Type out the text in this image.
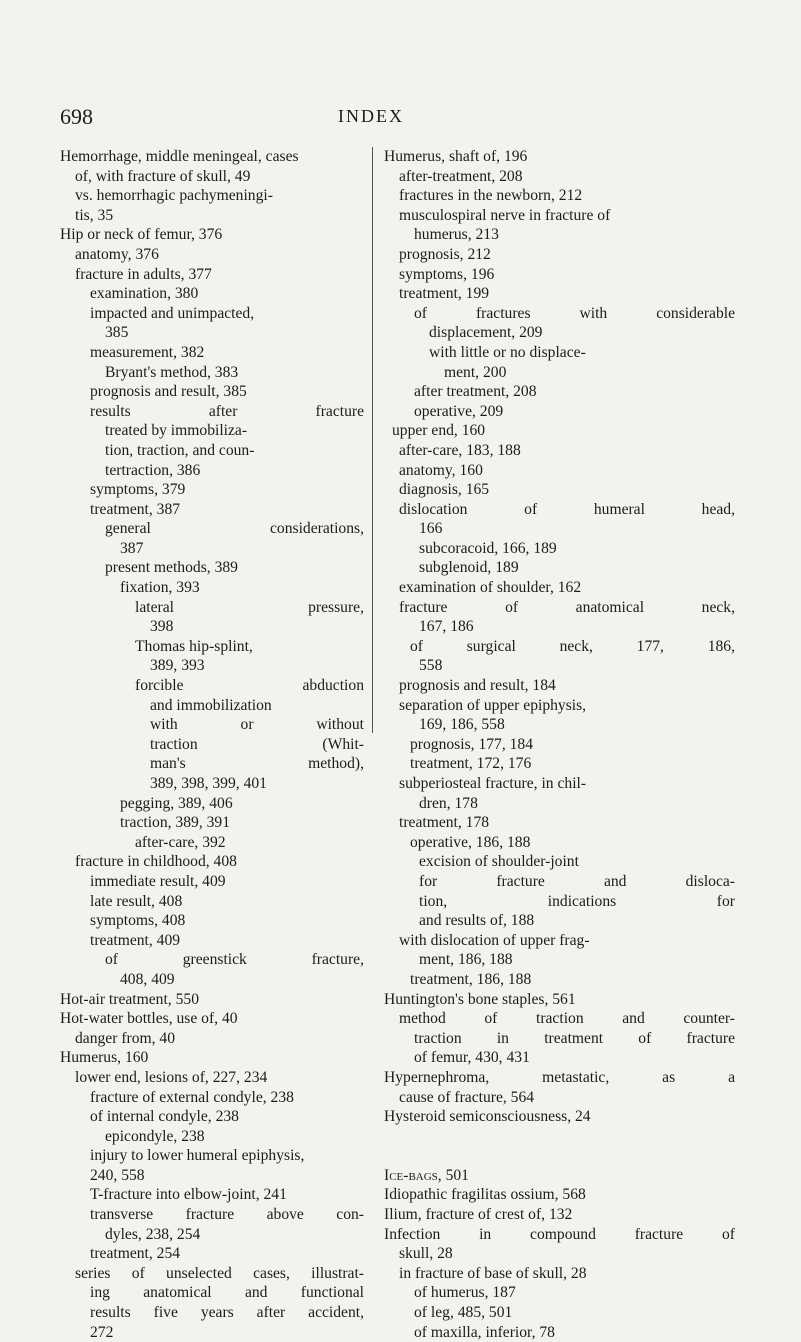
698	INDEX
Hemorrhage, middle meningeal, cases
of, with fracture of skull, 49
vs. hemorrhagic pachymeningi-
tis, 35
Hip or neck of femur, 376
anatomy, 376
fracture in adults, 377
examination, 380
impacted and unimpacted,
385
measurement, 382
Bryant's method, 383
prognosis and result, 385
results after fracture
treated by immobiliza-
tion, traction, and coun-
tertraction, 386
symptoms, 379
treatment, 387
general considerations,
387
present methods, 389
fixation, 393
lateral pressure,
398
Thomas hip-splint,
389, 393
forcible abduction
and immobilization
with or without
traction (Whit-
man's method),
389, 398, 399, 401
pegging, 389, 406
traction, 389, 391
after-care, 392
fracture in childhood, 408
immediate result, 409
late result, 408
symptoms, 408
treatment, 409
of greenstick fracture,
408, 409
Hot-air treatment, 550
Hot-water bottles, use of, 40
danger from, 40
Humerus, 160
lower end, lesions of, 227, 234
fracture of external condyle, 238
of internal condyle, 238
epicondyle, 238
injury to lower humeral epiphysis,
240, 558
T-fracture into elbow-joint, 241
transverse fracture above con-
dyles, 238, 254
treatment, 254
series of unselected cases, illustrat-
ing anatomical and functional
results five years after accident,
272
Humerus, shaft of, 196
after-treatment, 208
fractures in the newborn, 212
musculospiral nerve in fracture of
humerus, 213
prognosis, 212
symptoms, 196
treatment, 199
of fractures with considerable
displacement, 209
with little or no displace-
ment, 200
after treatment, 208
operative, 209
upper end, 160
after-care, 183, 188
anatomy, 160
diagnosis, 165
dislocation of humeral head,
166
subcoracoid, 166, 189
subglenoid, 189
examination of shoulder, 162
fracture of anatomical neck,
167, 186
of surgical neck, 177, 186,
558
prognosis and result, 184
separation of upper epiphysis,
169, 186, 558
prognosis, 177, 184
treatment, 172, 176
subperiosteal fracture, in chil-
dren, 178
treatment, 178
operative, 186, 188
excision of shoulder-joint
for fracture and disloca-
tion, indications for
and results of, 188
with dislocation of upper frag-
ment, 186, 188
treatment, 186, 188
Huntington's bone staples, 561
method of traction and counter-
traction in treatment of fracture
of femur, 430, 431
Hypernephroma, metastatic, as a
cause of fracture, 564
Hysteroid semiconsciousness, 24
Ice-bags, 501
Idiopathic fragilitas ossium, 568
Ilium, fracture of crest of, 132
Infection in compound fracture of
skull, 28
in fracture of base of skull, 28
of humerus, 187
of leg, 485, 501
of maxilla, inferior, 78
